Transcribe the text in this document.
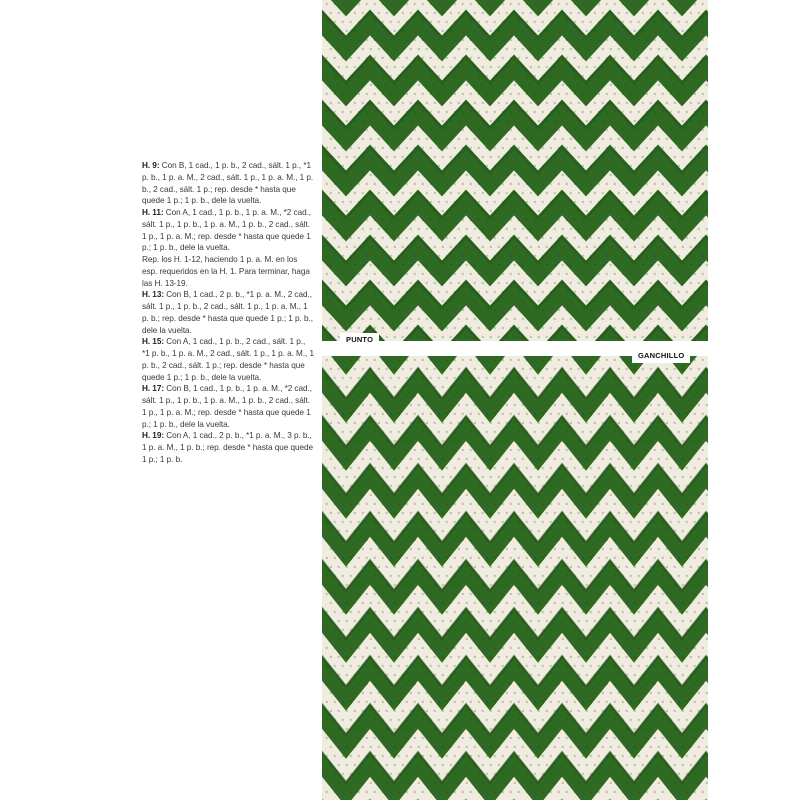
H. 9: Con B, 1 cad., 1 p. b., 2 cad., sált. 1 p., *1 p. b., 1 p. a. M., 2 cad., sált. 1 p., 1 p. a. M., 1 p. b., 2 cad., sált. 1 p.; rep. desde * hasta que quede 1 p.; 1 p. b., dele la vuelta.

H. 11: Con A, 1 cad., 1 p. b., 1 p. a. M., *2 cad., sált. 1 p., 1 p. b., 1 p. a. M., 1 p. b., 2 cad., sált. 1 p., 1 p. a. M.; rep. desde * hasta que quede 1 p.; 1 p. b., dele la vuelta.

Rep. los H. 1-12, haciendo 1 p. a. M. en los esp. requeridos en la H. 1. Para terminar, haga las H. 13-19.

H. 13: Con B, 1 cad., 2 p. b., *1 p. a. M., 2 cad., sált. 1 p., 1 p. b., 2 cad., sált. 1 p., 1 p. a. M., 1 p. b.; rep. desde * hasta que quede 1 p.; 1 p. b., dele la vuelta.

H. 15: Con A, 1 cad., 1 p. b., 2 cad., sált. 1 p., *1 p. b., 1 p. a. M., 2 cad., sált. 1 p., 1 p. a. M., 1 p. b., 2 cad., sált. 1 p.; rep. desde * hasta que quede 1 p.; 1 p. b., dele la vuelta.

H. 17: Con B, 1 cad., 1 p. b., 1 p. a. M., *2 cad., sált. 1 p., 1 p. b., 1 p. a. M., 1 p. b., 2 cad., sált. 1 p., 1 p. a. M.; rep. desde * hasta que quede 1 p.; 1 p. b., dele la vuelta.

H. 19: Con A, 1 cad., 2 p. b., *1 p. a. M., 3 p. b., 1 p. a. M., 1 p. b.; rep. desde * hasta que quede 1 p.; 1 p. b.

PUNTO
GANCHILLO
